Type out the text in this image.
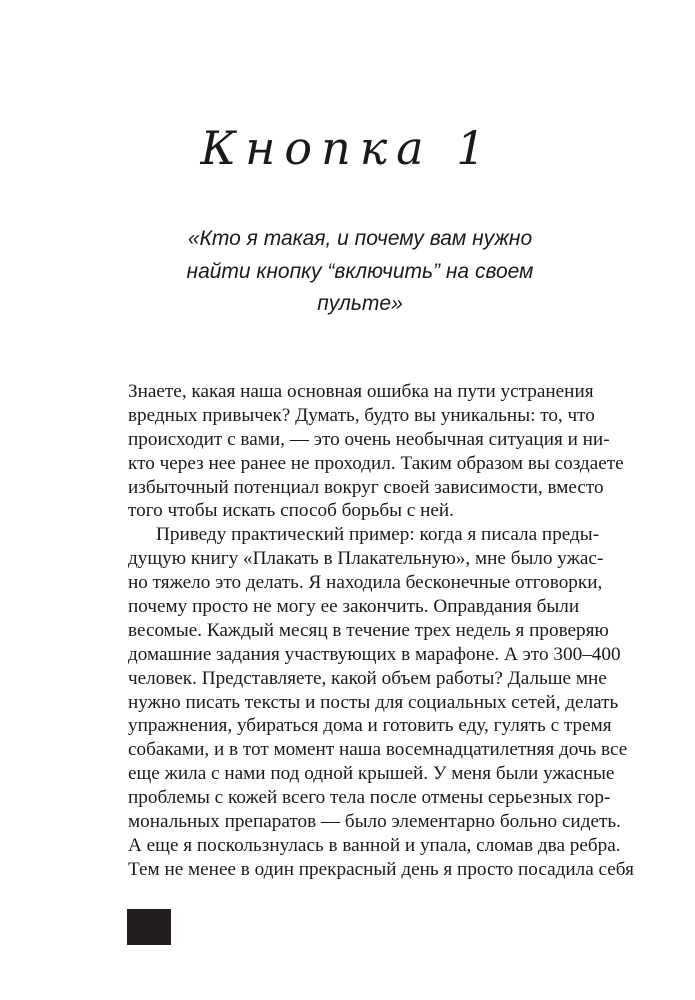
Кнопка 1
«Кто я такая, и почему вам нужно
найти кнопку “включить” на своем
пульте»
Знаете, какая наша основная ошибка на пути устранения
вредных привычек? Думать, будто вы уникальны: то, что
происходит с вами, — это очень необычная ситуация и ни-
кто через нее ранее не проходил. Таким образом вы создаете
избыточный потенциал вокруг своей зависимости, вместо
того чтобы искать способ борьбы с ней.
Приведу практический пример: когда я писала преды-
дущую книгу «Плакать в Плакательную», мне было ужас-
но тяжело это делать. Я находила бесконечные отговорки,
почему просто не могу ее закончить. Оправдания были
весомые. Каждый месяц в течение трех недель я проверяю
домашние задания участвующих в марафоне. А это 300–400
человек. Представляете, какой объем работы? Дальше мне
нужно писать тексты и посты для социальных сетей, делать
упражнения, убираться дома и готовить еду, гулять с тремя
собаками, и в тот момент наша восемнадцатилетняя дочь все
еще жила с нами под одной крышей. У меня были ужасные
проблемы с кожей всего тела после отмены серьезных гор-
мональных препаратов — было элементарно больно сидеть.
А еще я поскользнулась в ванной и упала, сломав два ребра.
Тем не менее в один прекрасный день я просто посадила себя
